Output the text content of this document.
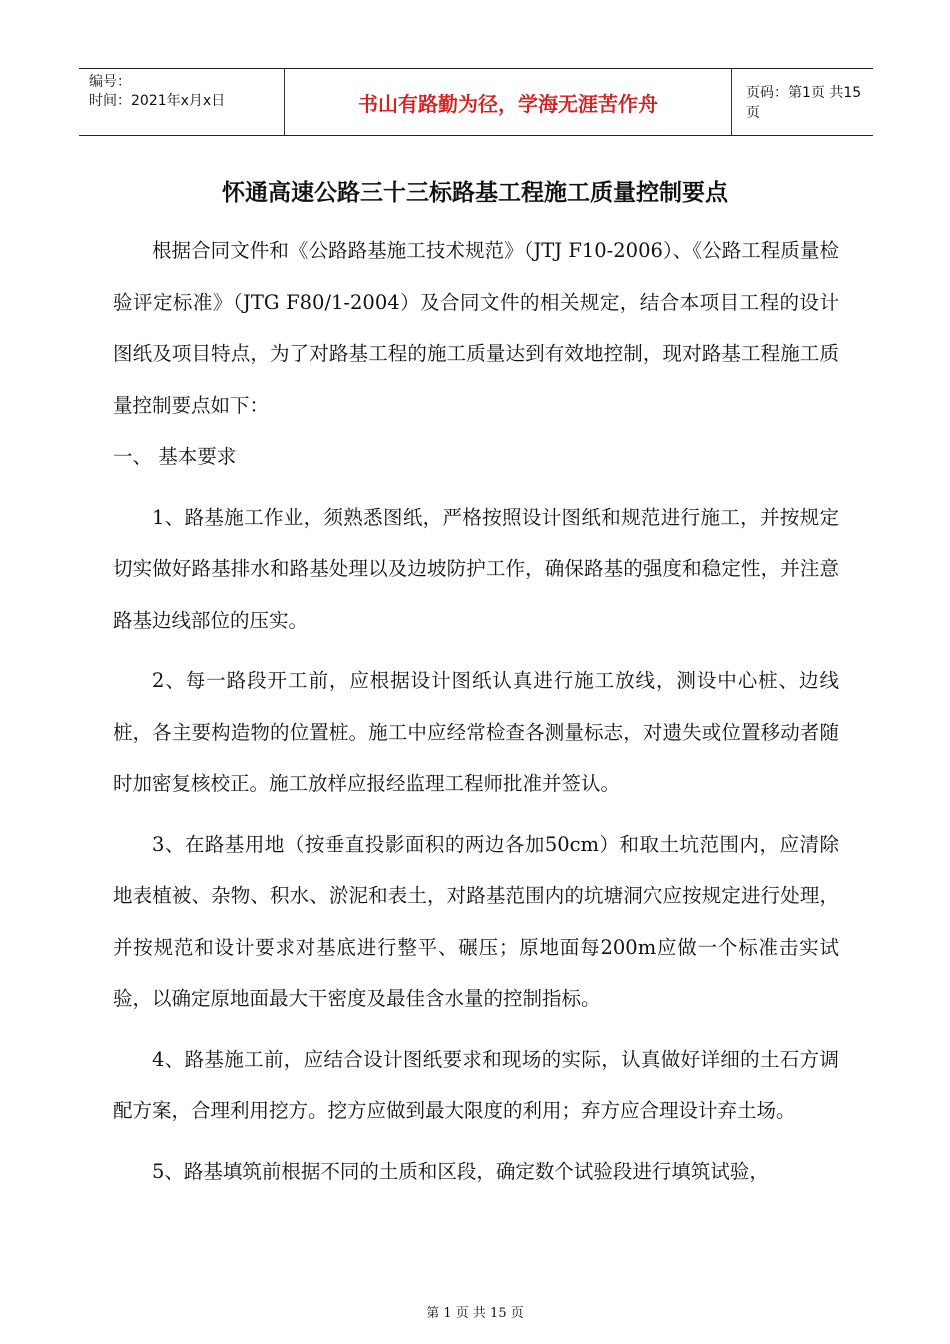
编号：
时间：2021年x月x日	书山有路勤为径，学海无涯苦作舟	页码：第1页 共15页
怀通高速公路三十三标路基工程施工质量控制要点

根据合同文件和《公路路基施工技术规范》（JTJ F10-2006）、《公路工程质量检验评定标准》（JTG F80/1-2004）及合同文件的相关规定，结合本项目工程的设计图纸及项目特点，为了对路基工程的施工质量达到有效地控制，现对路基工程施工质量控制要点如下：

一、 基本要求

1、路基施工作业，须熟悉图纸，严格按照设计图纸和规范进行施工，并按规定切实做好路基排水和路基处理以及边坡防护工作，确保路基的强度和稳定性，并注意路基边线部位的压实。

2、每一路段开工前，应根据设计图纸认真进行施工放线，测设中心桩、边线桩，各主要构造物的位置桩。施工中应经常检查各测量标志，对遗失或位置移动者随时加密复核校正。施工放样应报经监理工程师批准并签认。

3、在路基用地（按垂直投影面积的两边各加50cm）和取土坑范围内，应清除地表植被、杂物、积水、淤泥和表土，对路基范围内的坑塘洞穴应按规定进行处理，并按规范和设计要求对基底进行整平、碾压；原地面每200m应做一个标准击实试验，以确定原地面最大干密度及最佳含水量的控制指标。

4、路基施工前，应结合设计图纸要求和现场的实际，认真做好详细的土石方调配方案，合理利用挖方。挖方应做到最大限度的利用；弃方应合理设计弃土场。

5、路基填筑前根据不同的土质和区段，确定数个试验段进行填筑试验，

第 1 页 共 15 页
